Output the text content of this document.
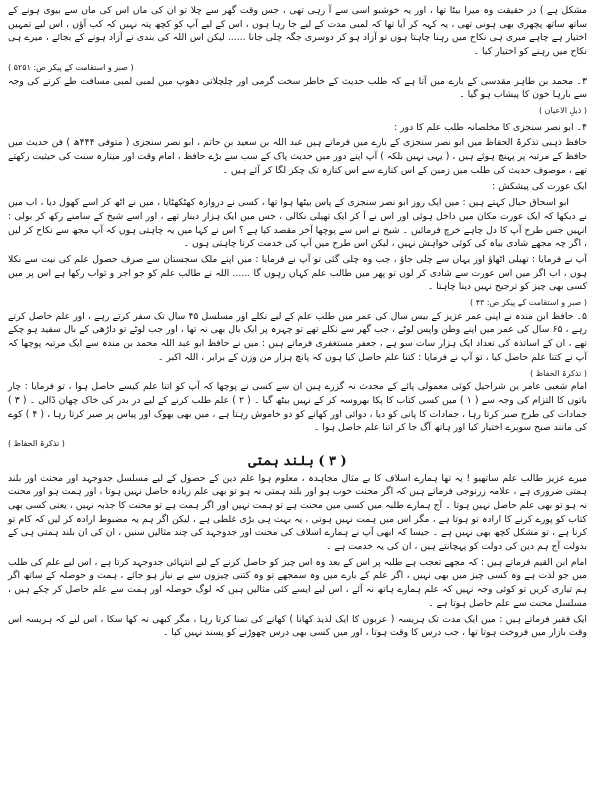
مشکل ہے ) در حقیقت وہ میرا بیٹا تھا ، اور یہ خوشبو اسی سے آ رہی تھی ، جس وقت گھر سے چلا تو ان کی ماں اس کی ماں سے بیوی ہونے کے ساتھ ساتھ پچھری بھی ہونی تھی ، یہ کہہ کر آیا تھا کہ لمبی مدت کے لیے جا رہا ہوں ، اس کے لیے آپ کو کچھ پتہ نہیں کہ کب آؤں ، اس لیے تمہیں اختیار ہے چاہے میری ہی نکاح میں رہنا چاہتا ہوں تو آزاد ہو کر دوسری جگہ چلی جانا ...... لیکن اس اللہ کی بندی نے آزاد ہونے کے بجائے ، میرے ہی نکاح میں رہنے کو اختیار کیا ۔

( صبر و استقامت کے پیکر ص: ۵۲۵۱ )

۳۔ محمد بن طاہر مقدسی کے بارے میں آتا ہے کہ طلب حدیث کے خاطر سخت گرمی اور چلچلاتی دھوپ میں لمبی لمبی مسافت طے کرنے کی وجہ سے بارہا خون کا پیشاب ہو گیا ۔

( ذیلِ الاعیان )

۴۔ ابو نصر سنجزی کا مخلصانہ طلب علم کا دور :

حافظ ذہبی تذکرۃ الحفاظ میں ابو نصر سنجزی کے بارے میں فرماتے ہیں عبد اللہ بن سعید بن حاتم ، ابو نصر سنجزی ( متوفی ۴۴۴ھ ) فن حدیث میں حافظ کے مرتبہ پر پہنچ ہوئے ہیں ، ( یہی نہیں بلکہ ) آپ اپنے دور میں حدیث پاک کے سب سے بڑے حافظ ، امام وقت اور مینارہ سنت کی حیثیت رکھتے تھے ، موصوف حدیث کی طلب میں زمین کے اس کنارے سے اس کنارہ تک چکر لگا کر آئے ہیں ۔

ایک عورت کی پیشکش :

ابو اسحاق حبال کہتے ہیں : میں ایک روز ابو نصر سنجزی کے پاس بیٹھا ہوا تھا ، کسی نے دروازہ کھٹکھٹایا ، میں نے اٹھ کر اسے کھول دیا ، اب میں نے دیکھا کہ ایک عورت مکان میں داخل ہوئی اور اس نے آ کر ایک تھیلی نکالی ، جس میں ایک ہزار دینار تھے ، اور اسے شیخ کے سامنے رکھ کر بولی : انہیں جس طرح آپ کا دل چاہے خرچ فرمائیں ۔ شیخ نے اس سے پوچھا آخر مقصد کیا ہے ؟ اس نے کہا میں یہ چاہتی ہوں کہ آپ مجھ سے نکاح کر لیں ، اگر چہ مجھے شادی بیاہ کی کوئی خواہش نہیں ، لیکن اس طرح میں آپ کی خدمت کرنا چاہتی ہوں ۔

آپ نے فرمایا : تھیلی اٹھاؤ اور یہاں سے چلی جاؤ ، جب وہ چلی گئی تو آپ نے فرمایا : میں اپنے ملک سجستان سے صرف حصول علم کی نیت سے نکلا ہوں ، اب اگر میں اس عورت سے شادی کر لوں تو پھر میں طالب علم کہاں رہوں گا ...... اللہ نے طالب علم کو جو اجر و ثواب رکھا ہے اس پر میں کسی بھی چیز کو ترجیح نہیں دینا چاہتا ۔

( صبر و استقامت کے پیکر ص: ۴۳ )

۵۔ حافظ ابن مندہ نے اپنی عمر عزیز کے بیس سال کی عمر میں طلب علم کے لیے نکلے اور مسلسل ۴۵ سال تک سفر کرتے رہے ، اور علم حاصل کرتے رہے ، ۶۵ سال کی عمر میں اپنے وطن واپس لوٹے ، جب گھر سے نکلے تھے تو چہرہ پر ایک بال بھی نہ تھا ، اور جب لوٹے تو داڑھی کے بال سفید ہو چکے تھے ، ان کے اساتذہ کی تعداد ایک ہزار سات سو ہے ، جعفر مستغفری فرماتے ہیں : میں نے حافظ ابو عبد اللہ محمد بن مندہ سے ایک مرتبہ پوچھا کہ آپ نے کتنا علم حاصل کیا ، تو آپ نے فرمایا : کتنا علم حاصل کیا ہوں کہ پانچ ہزار من وزن کے برابر ، اللہ اکبر ۔

( تذکرۃ الحفاظ )

امام شعبی عامر بن شراحیل کوئی معمولی پائے کے محدث نہ گزرے ہیں ان سے کسی نے پوچھا کہ آپ کو اتنا علم کیسے حاصل ہوا ، تو فرمایا : چار باتوں کا التزام کی وجہ سے ( ۱ ) میں کسی کتاب کا پکا بھروسہ کر کے نہیں بیٹھ گیا ۔ ( ۲ ) علم طلب کرنے کے لیے در بدر کی خاک چھان ڈالی ۔ ( ۳ ) جمادات کی طرح صبر کرتا رہا ، جمادات کا پانی کو دیا ، دوائی اور کھانے کو دو خاموش رہتا ہے ، میں بھی بھوک اور پیاس پر صبر کرتا رہا ، ( ۴ ) کوے کی مانند صبح سویرے اختیار کیا اور ہاتھ آگ جا کر اتنا علم حاصل ہوا ۔

( تذکرۃ الحفاظ )
( ۳ ) بلند ہمتی

میرے عزیز طالب علم ساتھیو ! یہ تھا ہمارے اسلاف کا بے مثال مجاہدہ ، معلوم ہوا علم دین کے حصول کے لیے مسلسل جدوجہد اور محنت اور بلند ہمتی ضروری ہے ، علامہ زرنوجی فرماتے ہیں کہ اگر محنت خوب ہو اور بلند ہمتی نہ ہو تو بھی علم زیادہ حاصل نہیں ہوتا ، اور ہمت ہو اور محنت نہ ہو تو بھی علم حاصل نہیں ہوتا ۔ آج ہمارے طلبہ میں کسی میں محنت ہے تو ہمت نہیں اور اگر ہمت ہے تو محنت کا جذبہ نہیں ، یعنی کسی بھی کتاب کو پورے کرنے کا ارادہ تو ہوتا ہے ، مگر اس میں ہمت نہیں ہوتی ، یہ بہت ہی بڑی غلطی ہے ، لیکن اگر ہم یہ مضبوط ارادہ کر لیں کہ کام تو کرنا ہے ، تو مشکل کچھ بھی نہیں ہے ۔ جیسا کہ ابھی آپ نے ہمارے اسلاف کی محنت اور جدوجہد کی چند مثالیں سنیں ، ان کی ان بلند ہمتی ہی کے بدولت آج ہم دین کی دولت کو پہچانتے ہیں ، ان کی یہ خدمت ہے ۔

امام ابن القیم فرماتے ہیں : کہ مجھے تعجب ہے طلبہ پر اس کے بعد وہ اس چیز کو حاصل کرنے کے لیے انتہائی جدوجہد کرتا ہے ، اس لیے علم کی طلب میں جو لذت ہے وہ کسی چیز میں بھی نہیں ، اگر علم کے بارے میں وہ سمجھے تو وہ کتنی چیزوں سے بے نیاز ہو جائے ، ہمت و حوصلہ کے ساتھ اگر ہم تیاری کریں تو کوئی وجہ نہیں کہ علم ہمارے ہاتھ نہ آئے ، اس لیے ایسے کئی مثالیں ہیں کہ لوگ حوصلہ اور ہمت سے علم حاصل کر چکے ہیں ، مسلسل محنت سے علم حاصل ہوتا ہے ۔

ایک فقیر فرماتے ہیں : میں ایک مدت تک ہریسہ ( عربوں کا ایک لذیذ کھانا ) کھانے کی تمنا کرتا رہا ، مگر کبھی نہ کھا سکا ، اس لیے کہ ہریسہ اس وقت بازار میں فروخت ہوتا تھا ، جب درس کا وقت ہوتا ، اور میں کسی بھی درس چھوڑنے کو پسند نہیں کیا ۔
